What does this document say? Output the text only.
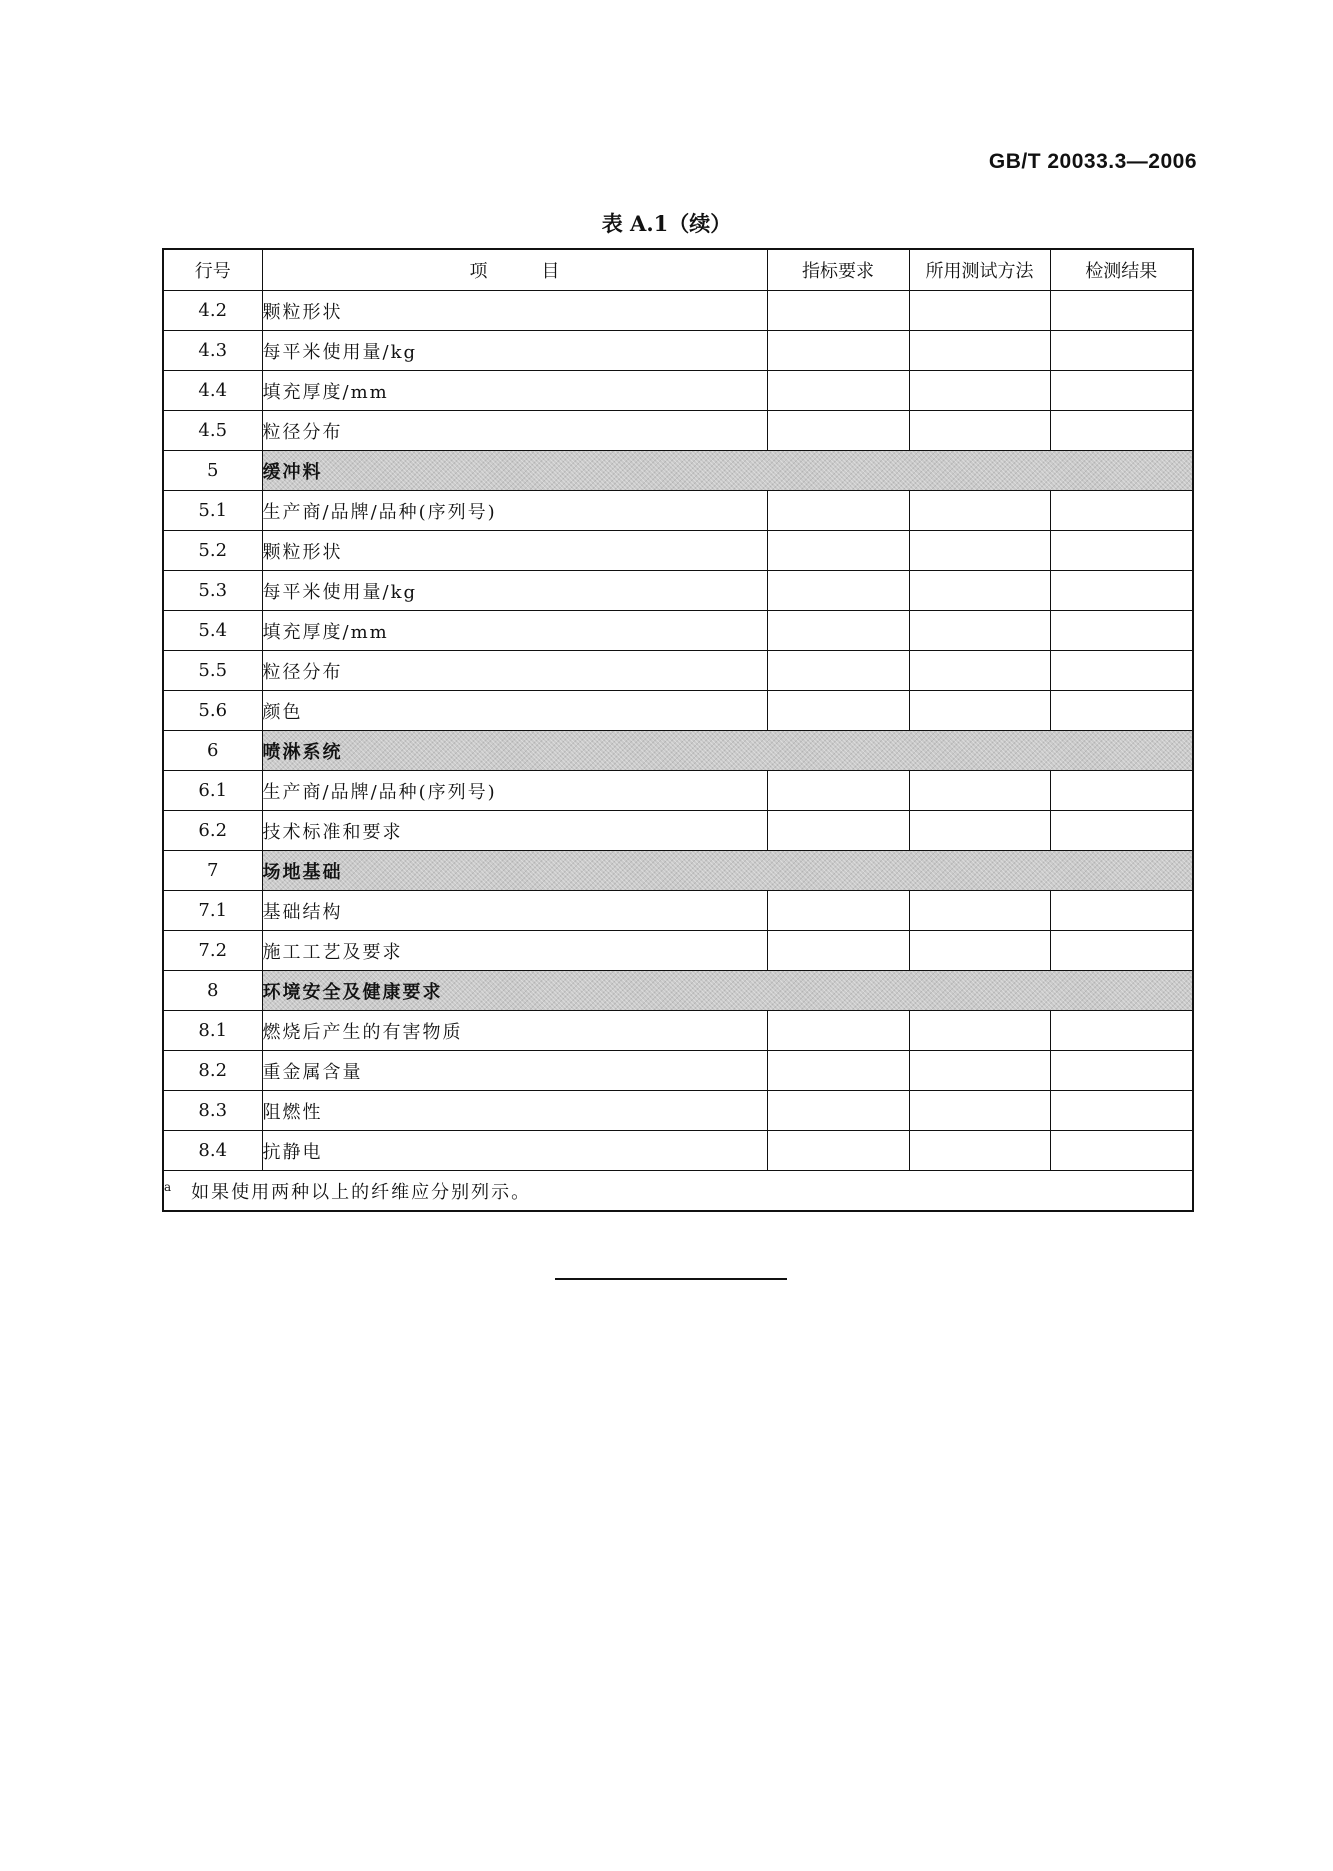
GB/T 20033.3—2006
表 A.1（续）
行号	项　　　目	指标要求	所用测试方法	检测结果
4.2	颗粒形状			
4.3	每平米使用量/kg			
4.4	填充厚度/mm			
4.5	粒径分布			
5	缓冲料			
5.1	生产商/品牌/品种(序列号)			
5.2	颗粒形状			
5.3	每平米使用量/kg			
5.4	填充厚度/mm			
5.5	粒径分布			
5.6	颜色			
6	喷淋系统			
6.1	生产商/品牌/品种(序列号)			
6.2	技术标准和要求			
7	场地基础			
7.1	基础结构			
7.2	施工工艺及要求			
8	环境安全及健康要求			
8.1	燃烧后产生的有害物质			
8.2	重金属含量			
8.3	阻燃性			
8.4	抗静电			
$^a$ 如果使用两种以上的纤维应分别列示。				
